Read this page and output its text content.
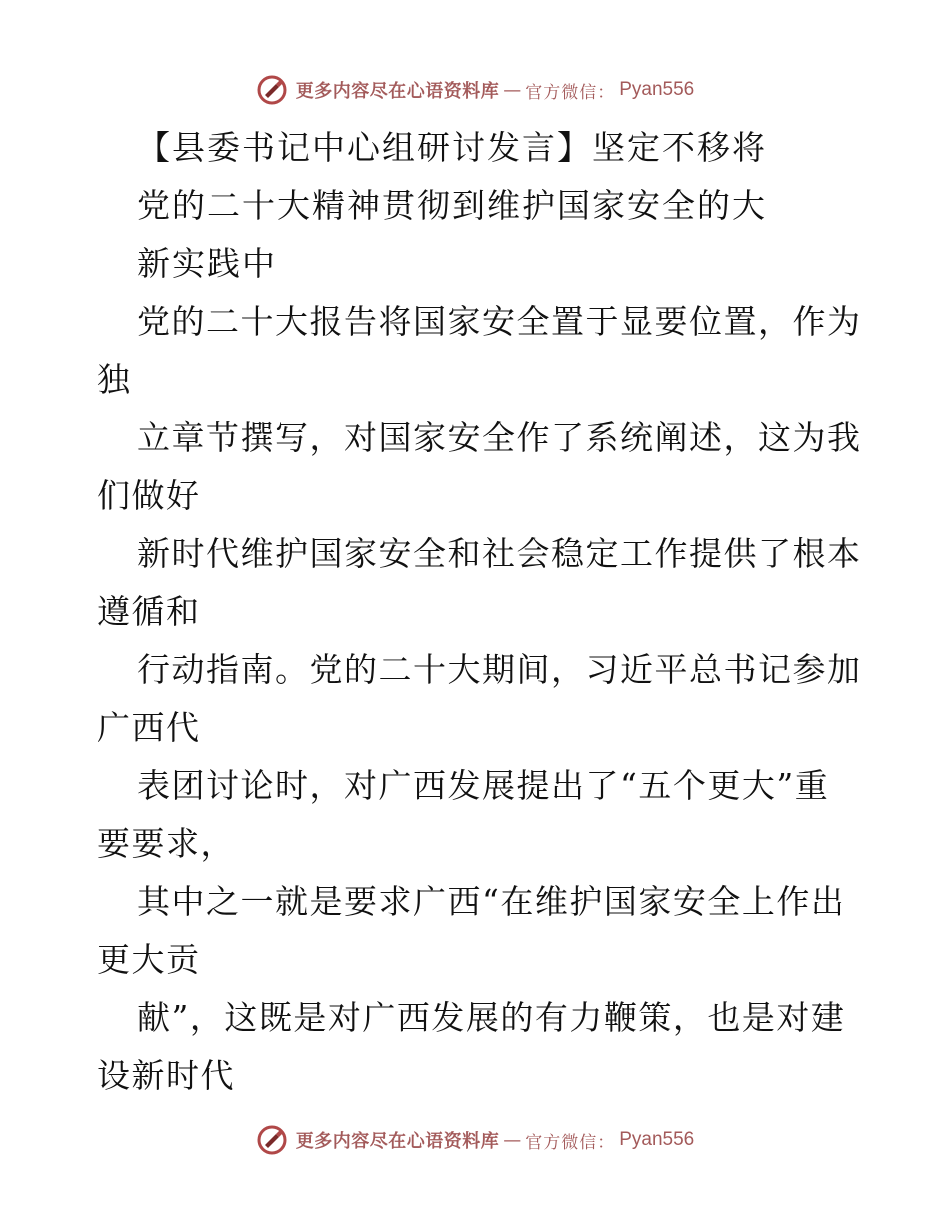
更多内容尽在心语资料库 — 官方微信： Pyan556
【县委书记中心组研讨发言】坚定不移将
党的二十大精神贯彻到维护国家安全的大
新实践中
党的二十大报告将国家安全置于显要位置，作为
独
立章节撰写，对国家安全作了系统阐述，这为我
们做好
新时代维护国家安全和社会稳定工作提供了根本
遵循和
行动指南。党的二十大期间，习近平总书记参加
广西代
表团讨论时，对广西发展提出了“五个更大”重
要要求，
其中之一就是要求广西“在维护国家安全上作出
更大贡
献”，这既是对广西发展的有力鞭策，也是对建
设新时代
更多内容尽在心语资料库 — 官方微信： Pyan556
